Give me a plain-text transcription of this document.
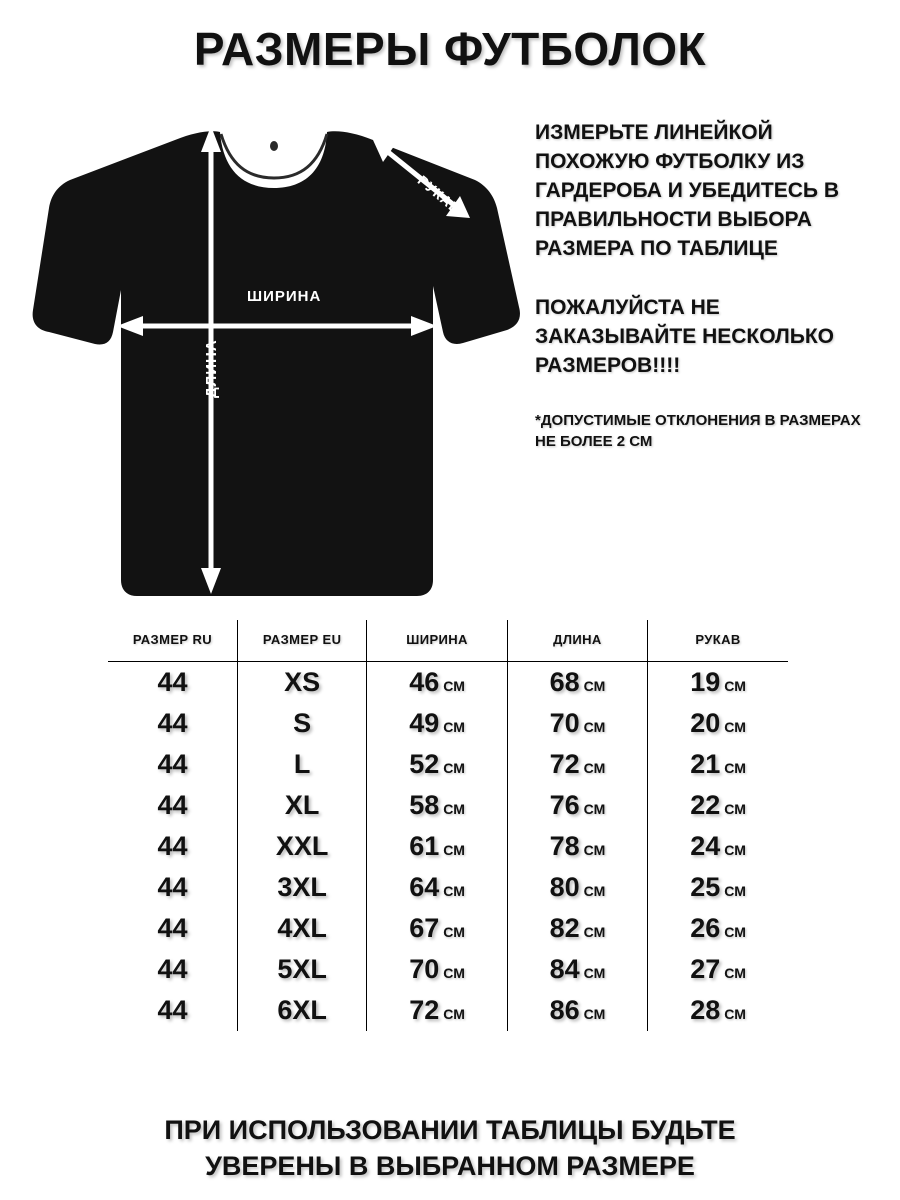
РАЗМЕРЫ ФУТБОЛОК
ШИРИНА
ДЛИНА
РУКАВ
ИЗМЕРЬТЕ ЛИНЕЙКОЙ ПОХОЖУЮ ФУТБОЛКУ ИЗ ГАРДЕРОБА И УБЕДИТЕСЬ В ПРАВИЛЬНОСТИ ВЫБОРА РАЗМЕРА ПО ТАБЛИЦЕ
ПОЖАЛУЙСТА НЕ ЗАКАЗЫВАЙТЕ НЕСКОЛЬКО РАЗМЕРОВ!!!!
*ДОПУСТИМЫЕ ОТКЛОНЕНИЯ В РАЗМЕРАХ НЕ БОЛЕЕ 2 СМ
РАЗМЕР RU	РАЗМЕР EU	ШИРИНА	ДЛИНА	РУКАВ
44	XS	46 СМ	68 СМ	19 СМ
44	S	49 СМ	70 СМ	20 СМ
44	L	52 СМ	72 СМ	21 СМ
44	XL	58 СМ	76 СМ	22 СМ
44	XXL	61 СМ	78 СМ	24 СМ
44	3XL	64 СМ	80 СМ	25 СМ
44	4XL	67 СМ	82 СМ	26 СМ
44	5XL	70 СМ	84 СМ	27 СМ
44	6XL	72 СМ	86 СМ	28 СМ
ПРИ ИСПОЛЬЗОВАНИИ ТАБЛИЦЫ БУДЬТЕ
УВЕРЕНЫ В ВЫБРАННОМ РАЗМЕРЕ
